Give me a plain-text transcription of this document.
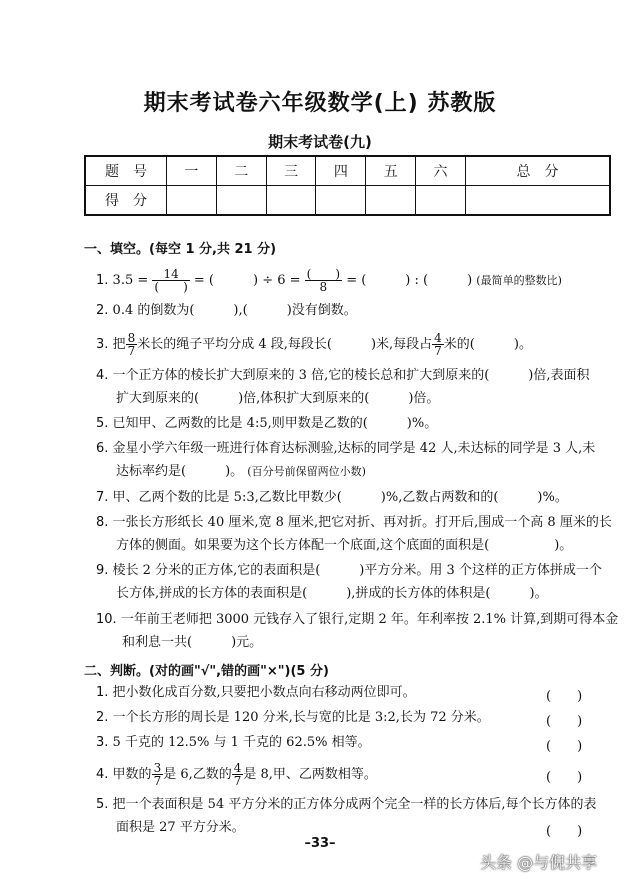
期末考试卷六年级数学(上) 苏教版
期末考试卷(九)
题　号	一	二	三	四	五	六	总　分
得　分							
一、填空。(每空 1 分,共 21 分)
1. $3.5 = \frac{14}{( )}$ = (　　　) ÷ $6 = \frac{( )}{8}$ = (　　　) : (　　　) (最简单的整数比)
2. 0.4 的倒数为(　　　),(　　　)没有倒数。
3. 把 $\frac{8}{7}$ 米长的绳子平均分成 4 段,每段长(　　　)米,每段占 $\frac{4}{7}$ 米的(　　　)。
4. 一个正方体的棱长扩大到原来的 3 倍,它的棱长总和扩大到原来的(　　　)倍,表面积
扩大到原来的(　　　)倍,体积扩大到原来的(　　　)倍。
5. 已知甲、乙两数的比是 4:5,则甲数是乙数的(　　　)%。
6. 金星小学六年级一班进行体育达标测验,达标的同学是 42 人,未达标的同学是 3 人,未
达标率约是(　　　)。 (百分号前保留两位小数)
7. 甲、乙两个数的比是 5:3,乙数比甲数少(　　　)%,乙数占两数和的(　　　)%。
8. 一张长方形纸长 40 厘米,宽 8 厘米,把它对折、再对折。打开后,围成一个高 8 厘米的长
方体的侧面。如果要为这个长方体配一个底面,这个底面的面积是(　　　　　)。
9. 棱长 2 分米的正方体,它的表面积是(　　　)平方分米。用 3 个这样的正方体拼成一个
长方体,拼成的长方体的表面积是(　　　),拼成的长方体的体积是(　　　)。
10. 一年前王老师把 3000 元钱存入了银行,定期 2 年。年利率按 2.1% 计算,到期可得本金
和利息一共(　　　)元。
二、判断。(对的画"√",错的画"×")(5 分)
1. 把小数化成百分数,只要把小数点向右移动两位即可。	(　　)
2. 一个长方形的周长是 120 分米,长与宽的比是 3:2,长为 72 分米。	(　　)
3. 5 千克的 12.5% 与 1 千克的 62.5% 相等。	(　　)
4. 甲数的 $\frac{3}{7}$ 是 6,乙数的 $\frac{4}{7}$ 是 8,甲、乙两数相等。	(　　)
5. 把一个表面积是 54 平方分米的正方体分成两个完全一样的长方体后,每个长方体的表
面积是 27 平方分米。	(　　)
–33–
头条 @与倪共享
